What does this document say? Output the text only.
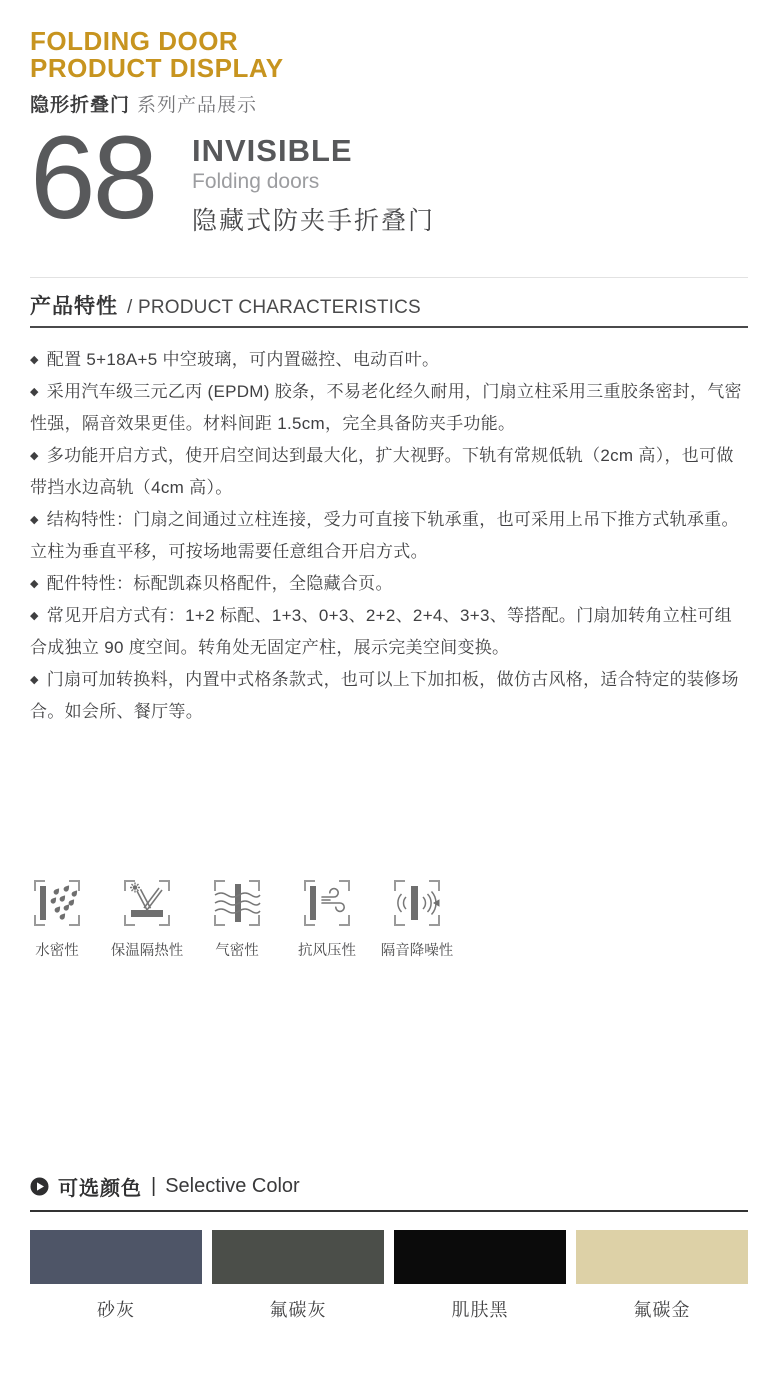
FOLDING DOOR
PRODUCT DISPLAY
隐形折叠门 系列产品展示
68	INVISIBLE
Folding doors
隐藏式防夹手折叠门
产品特性 / PRODUCT CHARACTERISTICS

◆ 配置 5+18A+5 中空玻璃，可内置磁控、电动百叶。

◆ 采用汽车级三元乙丙 (EPDM) 胶条，不易老化经久耐用，门扇立柱采用三重胶条密封，气密性强，隔音效果更佳。材料间距 1.5cm，完全具备防夹手功能。

◆ 多功能开启方式，使开启空间达到最大化，扩大视野。下轨有常规低轨（2cm 高），也可做带挡水边高轨（4cm 高）。

◆ 结构特性：门扇之间通过立柱连接，受力可直接下轨承重，也可采用上吊下推方式轨承重。立柱为垂直平移，可按场地需要任意组合开启方式。

◆ 配件特性：标配凯森贝格配件，全隐藏合页。

◆ 常见开启方式有：1+2 标配、1+3、0+3、2+2、2+4、3+3、等搭配。门扇加转角立柱可组合成独立 90 度空间。转角处无固定产柱，展示完美空间变换。

◆ 门扇可加转换料，内置中式格条款式，也可以上下加扣板，做仿古风格，适合特定的装修场合。如会所、餐厅等。

水密性 保温隔热性 气密性	抗风压性 隔音降噪性
可选颜色 | Selective Color
砂灰	氟碳灰	肌肤黑	氟碳金
